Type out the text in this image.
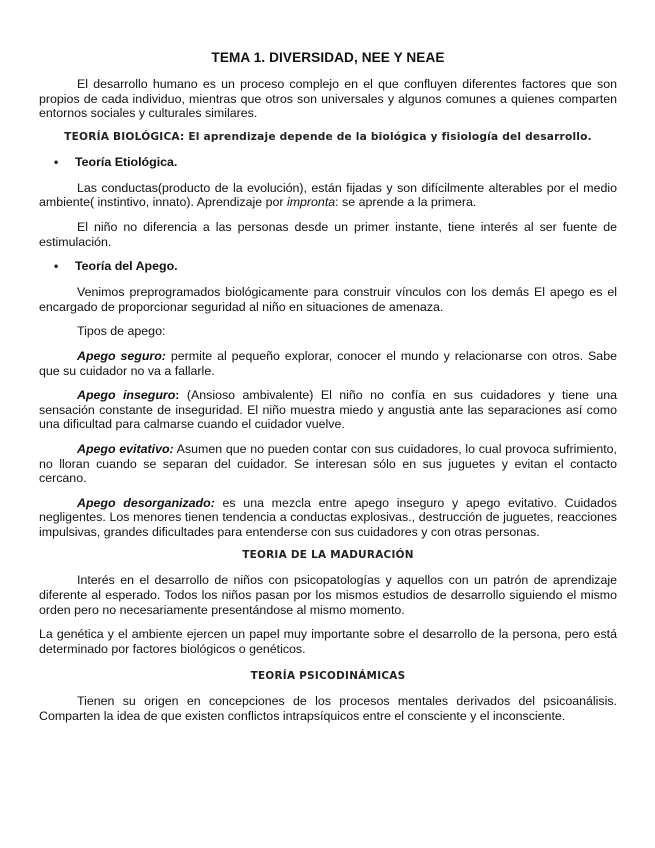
TEMA 1. DIVERSIDAD, NEE Y NEAE

El desarrollo humano es un proceso complejo en el que confluyen diferentes factores que son propios de cada individuo, mientras que otros son universales y algunos comunes a quienes comparten entornos sociales y culturales similares.

TEORÍA BIOLÓGICA: El aprendizaje depende de la biológica y fisiología del desarrollo.
•	Teoría Etiológica.

Las conductas(producto de la evolución), están fijadas y son difícilmente alterables por el medio ambiente( instintivo, innato). Aprendizaje por impronta: se aprende a la primera.

El niño no diferencia a las personas desde un primer instante, tiene interés al ser fuente de estimulación.

•	Teoría del Apego.

Venimos preprogramados biológicamente para construir vínculos con los demás El apego es el encargado de proporcionar seguridad al niño en situaciones de amenaza.

Tipos de apego:

Apego seguro: permite al pequeño explorar, conocer el mundo y relacionarse con otros. Sabe que su cuidador no va a fallarle.

Apego inseguro: (Ansioso ambivalente) El niño no confía en sus cuidadores y tiene una sensación constante de inseguridad. El niño muestra miedo y angustia ante las separaciones así como una dificultad para calmarse cuando el cuidador vuelve.

Apego evitativo: Asumen que no pueden contar con sus cuidadores, lo cual provoca sufrimiento, no lloran cuando se separan del cuidador. Se interesan sólo en sus juguetes y evitan el contacto cercano.

Apego desorganizado: es una mezcla entre apego inseguro y apego evitativo. Cuidados negligentes. Los menores tienen tendencia a conductas explosivas., destrucción de juguetes, reacciones impulsivas, grandes dificultades para entenderse con sus cuidadores y con otras personas.

TEORIA DE LA MADURACIÓN

Interés en el desarrollo de niños con psicopatologías y aquellos con un patrón de aprendizaje diferente al esperado. Todos los niños pasan por los mismos estudios de desarrollo siguiendo el mismo orden pero no necesariamente presentándose al mismo momento.

La genética y el ambiente ejercen un papel muy importante sobre el desarrollo de la persona, pero está determinado por factores biológicos o genéticos.

TEORÍA PSICODINÁMICAS

Tienen su origen en concepciones de los procesos mentales derivados del psicoanálisis. Comparten la idea de que existen conflictos intrapsíquicos entre el consciente y el inconsciente.
